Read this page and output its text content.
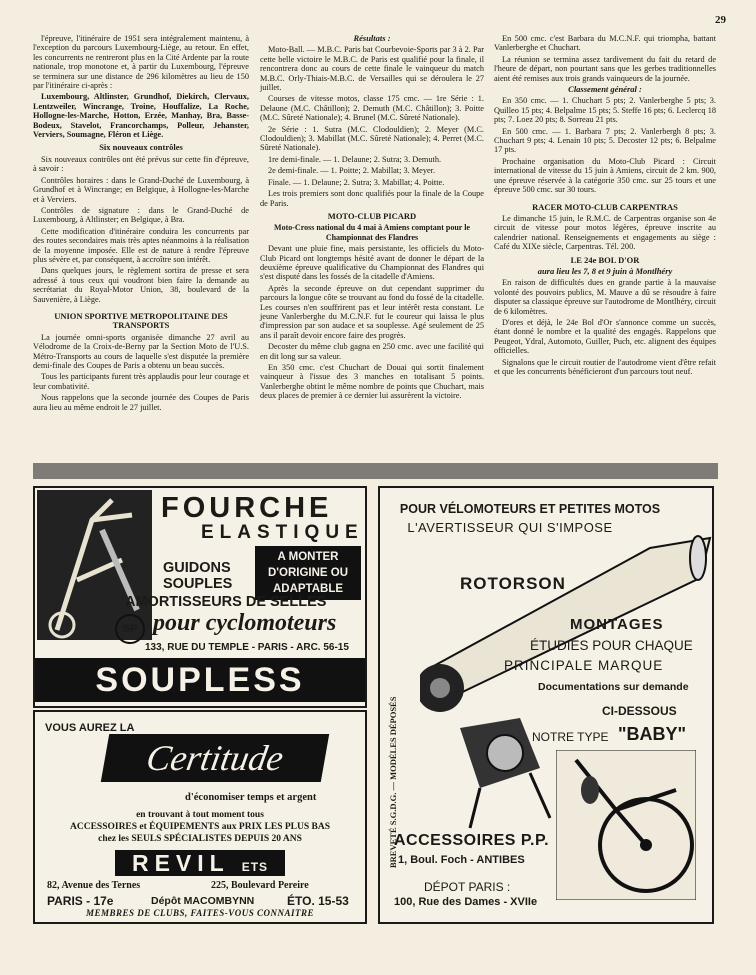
29

l'épreuve, l'itinéraire de 1951 sera intégralement maintenu, à l'exception du parcours Luxembourg-Liège, au retour. En effet, les concurrents ne rentreront plus en la Cité Ardente par la route nationale, trop monotone et, à partir du Luxembourg, l'épreuve se terminera sur une distance de 296 kilomètres au lieu de 150 par l'itinéraire ci-après :

Luxembourg, Altlinster, Grundhof, Diekirch, Clervaux, Lentzweiler, Wincrange, Troine, Houffalize, La Roche, Hollogne-les-Marche, Hotton, Erzée, Manhay, Bra, Basse-Bodeux, Stavelot, Francorchamps, Polleur, Jehanster, Verviers, Soumagne, Fléron et Liège.

Six nouveaux contrôles

Six nouveaux contrôles ont été prévus sur cette fin d'épreuve, à savoir :

Contrôles horaires : dans le Grand-Duché de Luxembourg, à Grundhof et à Wincrange; en Belgique, à Hollogne-les-Marche et à Verviers.

Contrôles de signature : dans le Grand-Duché de Luxembourg, à Altlinster; en Belgique, à Bra.

Cette modification d'itinéraire conduira les concurrents par des routes secondaires mais très aptes néanmoins à la réalisation de la moyenne imposée. Elle est de nature à rendre l'épreuve plus sévère et, par conséquent, à accroître son intérêt.

Dans quelques jours, le règlement sortira de presse et sera adressé à tous ceux qui voudront bien faire la demande au secrétariat du Royal-Motor Union, 38, boulevard de la Sauvenière, à Liège.

UNION SPORTIVE METROPOLITAINE DES TRANSPORTS

La journée omni-sports organisée dimanche 27 avril au Vélodrome de la Croix-de-Berny par la Section Moto de l'U.S. Métro-Transports au cours de laquelle s'est disputée la première demi-finale des Coupes de Paris a obtenu un beau succès.

Tous les participants furent très applaudis pour leur courage et leur combativité.

Nous rappelons que la seconde journée des Coupes de Paris aura lieu au même endroit le 27 juillet.

Résultats :

Moto-Ball. — M.B.C. Paris bat Courbevoie-Sports par 3 à 2. Par cette belle victoire le M.B.C. de Paris est qualifié pour la finale, il rencontrera donc au cours de cette finale le vainqueur du match M.B.C. Orly-Thiais-M.B.C. de Versailles qui se déroulera le 27 juillet.

Courses de vitesse motos, classe 175 cmc. — 1re Série : 1. Delaune (M.C. Châtillon); 2. Demuth (M.C. Châtillon); 3. Poitte (M.C. Sûreté Nationale); 4. Brunel (M.C. Sûreté Nationale).

2e Série : 1. Sutra (M.C. Clodouldien); 2. Meyer (M.C. Clodouldien); 3. Mabillat (M.C. Sûreté Nationale); 4. Perret (M.C. Sûreté Nationale).

1re demi-finale. — 1. Delaune; 2. Sutra; 3. Demuth.

2e demi-finale. — 1. Poitte; 2. Mabillat; 3. Meyer.

Finale. — 1. Delaune; 2. Sutra; 3. Mabillat; 4. Poitte.

Les trois premiers sont donc qualifiés pour la finale de la Coupe de Paris.

MOTO-CLUB PICARD
Moto-Cross national du 4 mai à Amiens comptant pour le Championnat des Flandres

Devant une pluie fine, mais persistante, les officiels du Moto-Club Picard ont longtemps hésité avant de donner le départ de la deuxième épreuve qualificative du Championnat des Flandres qui s'est disputé dans les fossés de la citadelle d'Amiens.

Après la seconde épreuve on dut cependant supprimer du parcours la longue côte se trouvant au fond du fossé de la citadelle. Les courses n'en souffrirent pas et leur intérêt resta constant. Le jeune Vanlerberghe du M.C.N.F. fut le coureur qui laissa le plus d'impression par son audace et sa souplesse. Agé seulement de 25 ans il paraît devoir encore faire des progrès.

Decoster du même club gagna en 250 cmc. avec une facilité qui en dit long sur sa valeur.

En 350 cmc. c'est Chuchart de Douai qui sortit finalement vainqueur à l'issue des 3 manches en totalisant 5 points. Vanlerberghe obtint le même nombre de points que Chuchart, mais deux places de premier à ce dernier lui assurèrent la victoire.

En 500 cmc. c'est Barbara du M.C.N.F. qui triompha, battant Vanlerberghe et Chuchart.

La réunion se termina assez tardivement du fait du retard de l'heure de départ, non pourtant sans que les gerbes traditionnelles aient été remises aux trois grands vainqueurs de la journée.

Classement général :

En 350 cmc. — 1. Chuchart 5 pts; 2. Vanlerberghe 5 pts; 3. Quilleo 15 pts; 4. Belpalme 15 pts; 5. Steffe 16 pts; 6. Leclercq 18 pts; 7. Loez 20 pts; 8. Sorreau 21 pts.

En 500 cmc. — 1. Barbara 7 pts; 2. Vanlerbergh 8 pts; 3. Chuchart 9 pts; 4. Lenain 10 pts; 5. Decoster 12 pts; 6. Belpalme 17 pts.

Prochaine organisation du Moto-Club Picard : Circuit international de vitesse du 15 juin à Amiens, circuit de 2 km. 900, une épreuve réservée à la catégorie 350 cmc. sur 25 tours et une épreuve 500 cmc. sur 30 tours.

RACER MOTO-CLUB CARPENTRAS

Le dimanche 15 juin, le R.M.C. de Carpentras organise son 4e circuit de vitesse pour motos légères, épreuve inscrite au calendrier national. Renseignements et engagements au siège : Café du XIXe siècle, Carpentras. Tél. 200.

LE 24e BOL D'OR
aura lieu les 7, 8 et 9 juin à Montlhéry

En raison de difficultés dues en grande partie à la mauvaise volonté des pouvoirs publics, M. Mauve a dû se résoudre à faire disputer sa classique épreuve sur l'autodrome de Montlhéry, circuit de 6 kilomètres.

D'ores et déjà, le 24e Bol d'Or s'annonce comme un succès, étant donné le nombre et la qualité des engagés. Rappelons que Peugeot, Ydral, Automoto, Guiller, Puch, etc. alignent des équipes officielles.

Signalons que le circuit routier de l'autodrome vient d'être refait et que les concurrents bénéficieront d'un parcours tout neuf.

FOURCHE
ELASTIQUE
A MONTER
D'ORIGINE OU
ADAPTABLE
GUIDONS
SOUPLES
AMORTISSEURS DE SELLES
SP pour cyclomoteurs
133, RUE DU TEMPLE - PARIS - ARC. 56-15
SOUPLESS
VOUS AUREZ LA
Certitude
d'économiser temps et argent
en trouvant à tout moment tous
ACCESSOIRES et ÉQUIPEMENTS aux PRIX LES PLUS BAS
chez les SEULS SPÉCIALISTES DEPUIS 20 ANS
REVIL ETS
82, Avenue des Ternes	225, Boulevard Pereire
PARIS - 17e	Dépôt MACOMBYNN	ÉTO. 15-53
MEMBRES DE CLUBS, FAITES-VOUS CONNAITRE
POUR VÉLOMOTEURS ET PETITES MOTOS
L'AVERTISSEUR QUI S'IMPOSE
ROTORSON
BREVETÉ S.G.D.G. — MODÈLES DÉPOSÉS
MONTAGES
ÉTUDIÉS POUR CHAQUE
PRINCIPALE MARQUE
Documentations sur demande
CI-DESSOUS
NOTRE TYPE "BABY"
ACCESSOIRES P.P.
1, Boul. Foch - ANTIBES
DÉPOT PARIS :
100, Rue des Dames - XVIIe
